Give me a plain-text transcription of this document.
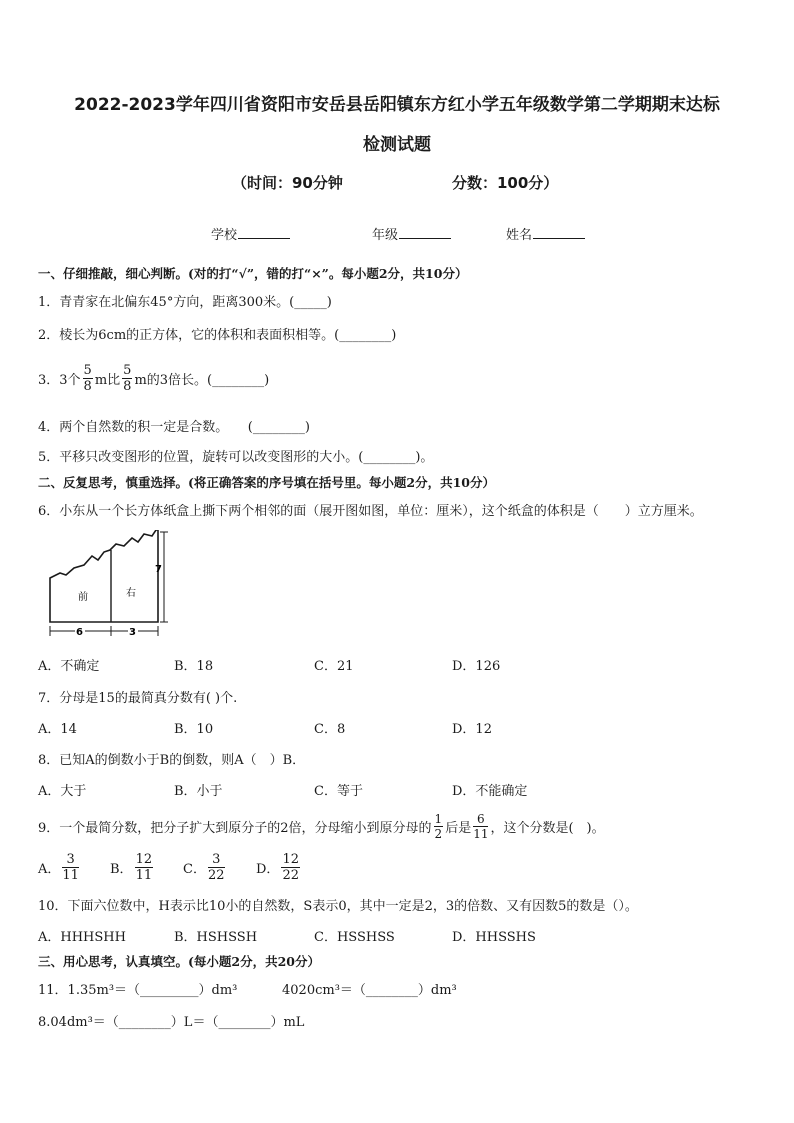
2022-2023学年四川省资阳市安岳县岳阳镇东方红小学五年级数学第二学期期末达标
检测试题
（时间：90分钟	分数：100分）
学校	年级	姓名
一、仔细推敲，细心判断。(对的打“√”，错的打“×”。每小题2分，共10分）
1．青青家在北偏东45°方向，距离300米。(_____)
2．棱长为6cm的正方体，它的体积和表面积相等。(________)
3．3个 $\frac{5}{8}$ m比 $\frac{5}{8}$ m的3倍长。(________)
4．两个自然数的积一定是合数。　　(________)
5．平移只改变图形的位置，旋转可以改变图形的大小。(________)。
二、反复思考，慎重选择。(将正确答案的序号填在括号里。每小题2分，共10分）
6．小东从一个长方体纸盒上撕下两个相邻的面（展开图如图，单位：厘米），这个纸盒的体积是（　　）立方厘米。
前	右
7
6	3
A．不确定	B．18	C．21	D．126
7．分母是15的最简真分数有( )个.
A．14	B．10	C．8	D．12
8．已知A的倒数小于B的倒数，则A（　）B．
A．大于	B．小于	C．等于	D．不能确定
9．一个最简分数，把分子扩大到原分子的2倍，分母缩小到原分母的 $\frac{1}{2}$ 后是 $\frac{6}{11}$ ，这个分数是(　)。
A． $\frac{3}{11}$ B． $\frac{12}{11}$ C． $\frac{3}{22}$ D． $\frac{12}{22}$
10．下面六位数中，H表示比10小的自然数，S表示0，其中一定是2，3的倍数、又有因数5的数是（）。
A．HHHSHH	B．HSHSSH	C．HSSHSS	D．HHSSHS
三、用心思考，认真填空。(每小题2分，共20分）
11．1.35m³＝（_________）dm³	4020cm³＝（________）dm³
8.04dm³＝（________）L＝（________）mL
